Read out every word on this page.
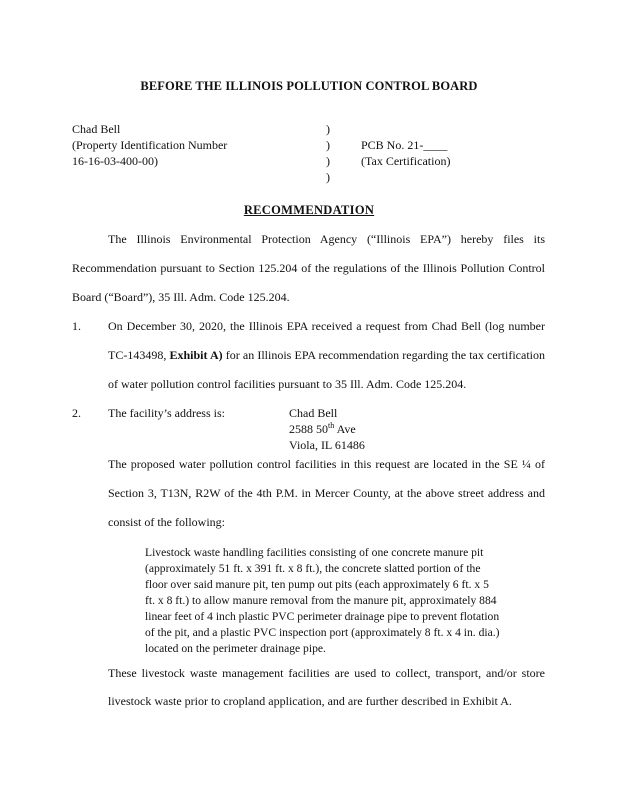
BEFORE THE ILLINOIS POLLUTION CONTROL BOARD

Chad Bell

(Property Identification Number

16-16-03-400-00)

)

)

)

)

PCB No. 21-____

(Tax Certification)

RECOMMENDATION

The Illinois Environmental Protection Agency (“Illinois EPA”) hereby files its

Recommendation pursuant to Section 125.204 of the regulations of the Illinois Pollution Control

Board (“Board”), 35 Ill. Adm. Code 125.204.

1. On December 30, 2020, the Illinois EPA received a request from Chad Bell (log number

TC-143498, Exhibit A) for an Illinois EPA recommendation regarding the tax certification

of water pollution control facilities pursuant to 35 Ill. Adm. Code 125.204.

2. The facility’s address is:	Chad Bell

2588 50th Ave

Viola, IL 61486

The proposed water pollution control facilities in this request are located in the SE ¼ of

Section 3, T13N, R2W of the 4th P.M. in Mercer County, at the above street address and

consist of the following:

Livestock waste handling facilities consisting of one concrete manure pit

(approximately 51 ft. x 391 ft. x 8 ft.), the concrete slatted portion of the

floor over said manure pit, ten pump out pits (each approximately 6 ft. x 5

ft. x 8 ft.) to allow manure removal from the manure pit, approximately 884

linear feet of 4 inch plastic PVC perimeter drainage pipe to prevent flotation

of the pit, and a plastic PVC inspection port (approximately 8 ft. x 4 in. dia.)

located on the perimeter drainage pipe.

These livestock waste management facilities are used to collect, transport, and/or store

livestock waste prior to cropland application, and are further described in Exhibit A.
